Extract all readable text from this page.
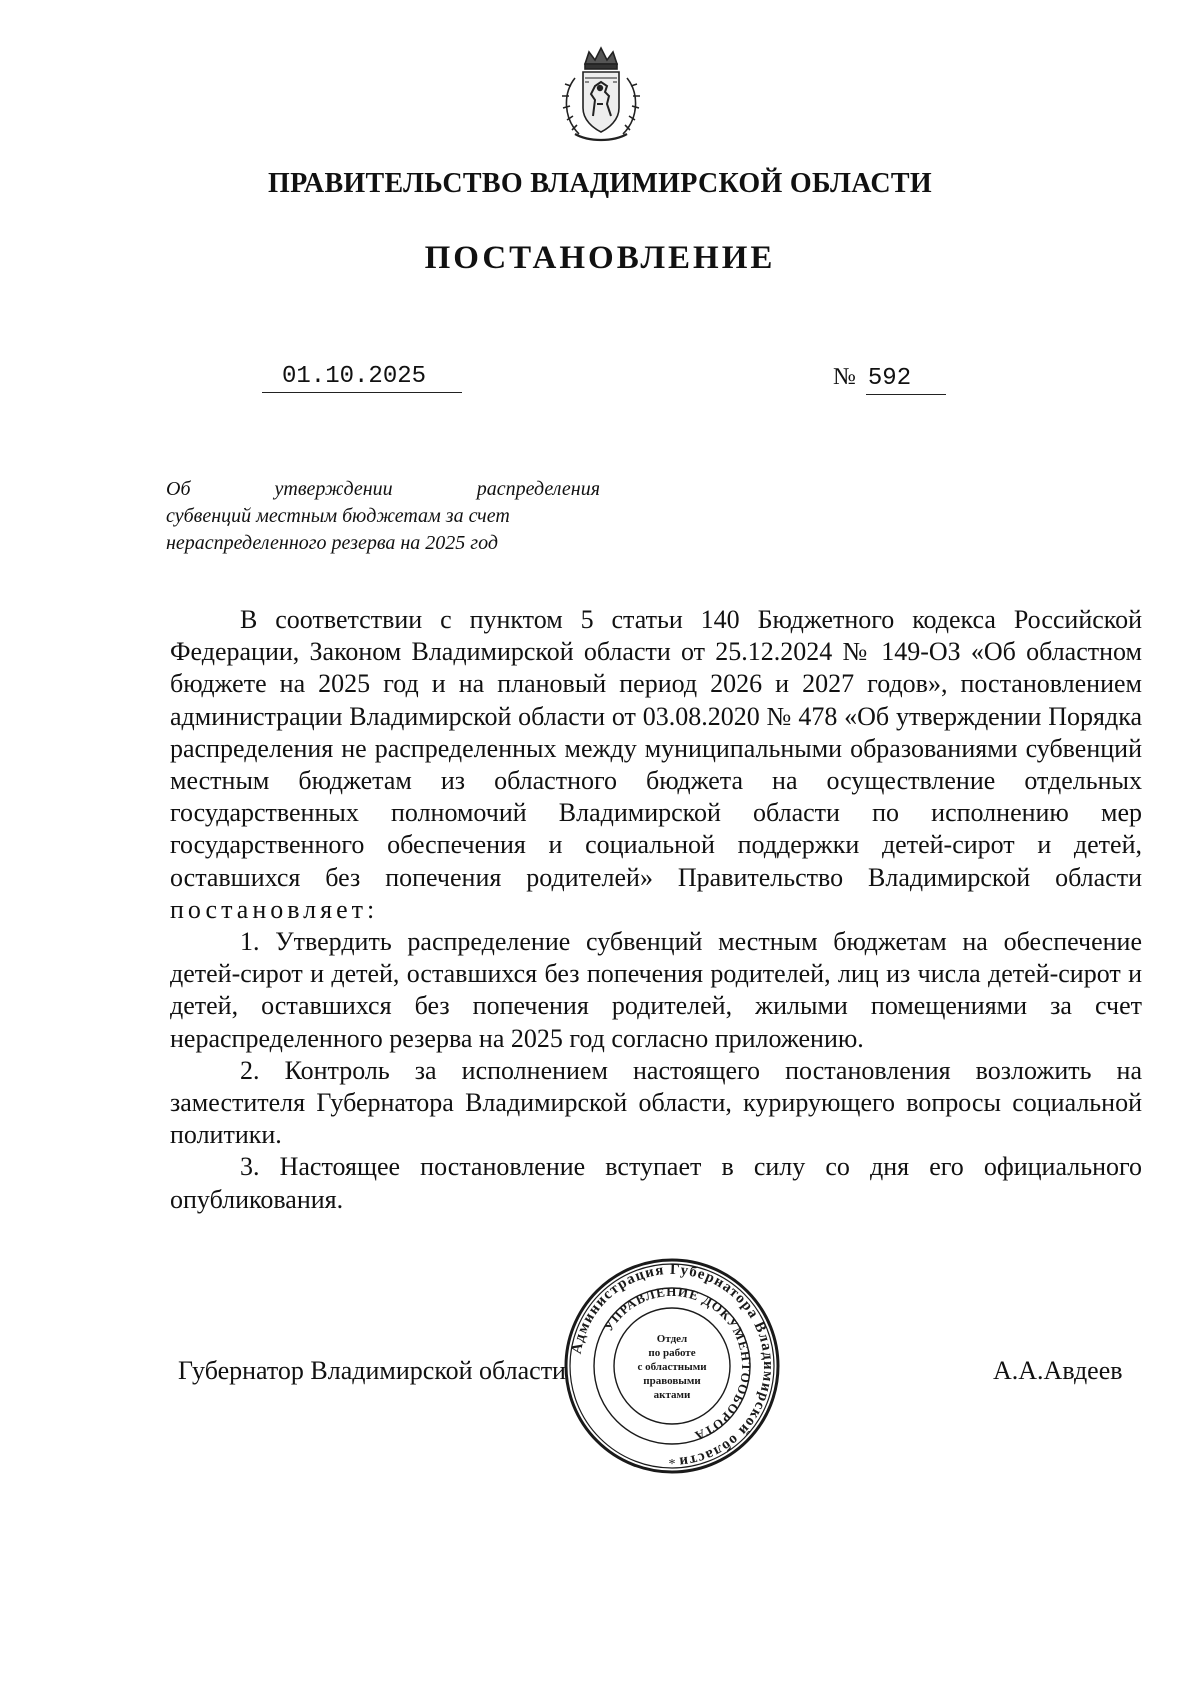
ПРАВИТЕЛЬСТВО ВЛАДИМИРСКОЙ ОБЛАСТИ
ПОСТАНОВЛЕНИЕ
01.10.2025	№ 592
Об	утверждении	распределения
субвенций местным бюджетам за счет
нераспределенного резерва на 2025 год

В соответствии с пунктом 5 статьи 140 Бюджетного кодекса Российской Федерации, Законом Владимирской области от 25.12.2024 № 149-ОЗ «Об областном бюджете на 2025 год и на плановый период 2026 и 2027 годов», постановлением администрации Владимирской области от 03.08.2020 № 478 «Об утверждении Порядка распределения не распределенных между муниципальными образованиями субвенций местным бюджетам из областного бюджета на осуществление отдельных государственных полномочий Владимирской области по исполнению мер государственного обеспечения и социальной поддержки детей-сирот и детей, оставшихся без попечения родителей» Правительство Владимирской области постановляет:

1. Утвердить распределение субвенций местным бюджетам на обеспечение детей-сирот и детей, оставшихся без попечения родителей, лиц из числа детей-сирот и детей, оставшихся без попечения родителей, жилыми помещениями за счет нераспределенного резерва на 2025 год согласно приложению.

2. Контроль за исполнением настоящего постановления возложить на заместителя Губернатора Владимирской области, курирующего вопросы социальной политики.

3. Настоящее постановление вступает в силу со дня его официального опубликования.

Губернатор Владимирской области	А.А.Авдеев
Администрация Губернатора Владимирской области
УПРАВЛЕНИЕ ДОКУМЕНТООБОРОТА
Отдел
по работе
с областными
правовыми
актами
*
